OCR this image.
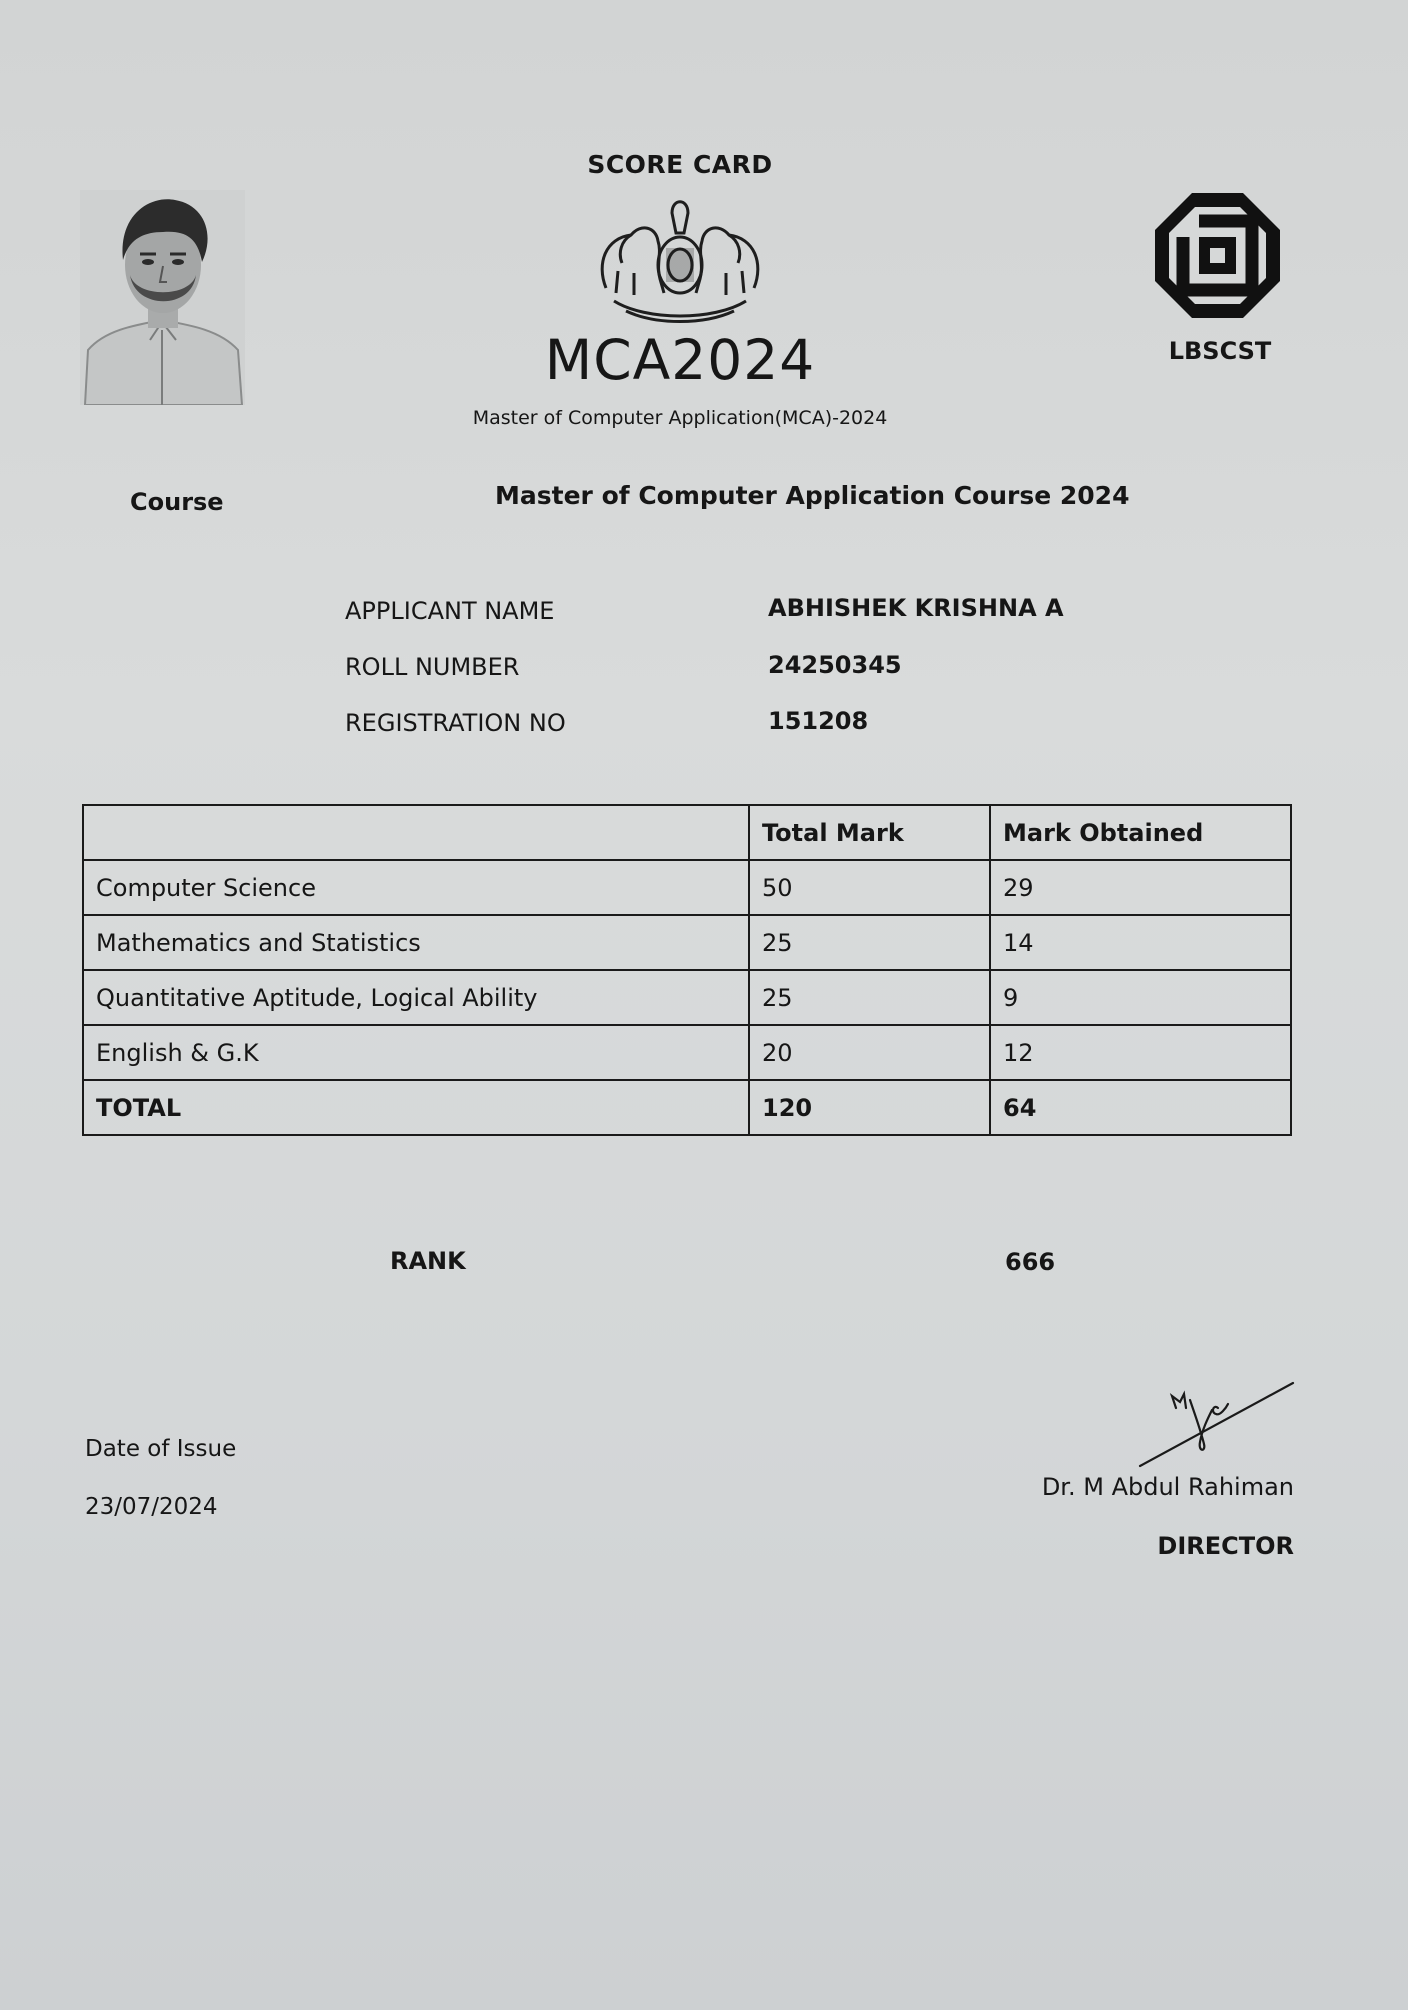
SCORE CARD
MCA2024
Master of Computer Application(MCA)-2024
LBSCST
Course	Master of Computer Application Course 2024
APPLICANT NAME	ABHISHEK KRISHNA A
ROLL NUMBER	24250345
REGISTRATION NO	151208
	Total Mark	Mark Obtained
Computer Science	50	29
Mathematics and Statistics	25	14
Quantitative Aptitude, Logical Ability	25	9
English & G.K	20	12
TOTAL	120	64
RANK	666
Date of Issue
23/07/2024
Dr. M Abdul Rahiman
DIRECTOR
